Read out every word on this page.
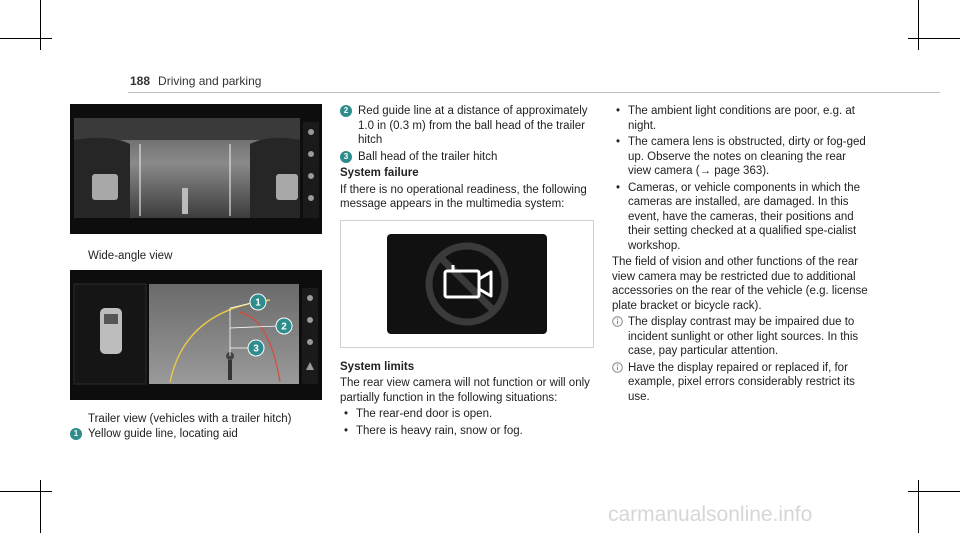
188 Driving and parking
Wide-angle view
1
2
3
Trailer view (vehicles with a trailer hitch)
1 Yellow guide line, locating aid
2 Red guide line at a distance of approximately 1.0 in (0.3 m) from the ball head of the trailer hitch
3 Ball head of the trailer hitch

System failure

If there is no operational readiness, the following message appears in the multimedia system:

System limits

The rear view camera will not function or will only partially function in the following situations:

• The rear-end door is open.
• There is heavy rain, snow or fog.
• The ambient light conditions are poor, e.g. at night.
• The camera lens is obstructed, dirty or fog-ged up. Observe the notes on cleaning the rear view camera (→ page 363).
• Cameras, or vehicle components in which the cameras are installed, are damaged. In this event, have the cameras, their positions and their setting checked at a qualified spe-cialist workshop.

The field of vision and other functions of the rear view camera may be restricted due to additional accessories on the rear of the vehicle (e.g. license plate bracket or bicycle rack).

The display contrast may be impaired due to incident sunlight or other light sources. In this case, pay particular attention.
Have the display repaired or replaced if, for example, pixel errors considerably restrict its use.
carmanualsonline.info
